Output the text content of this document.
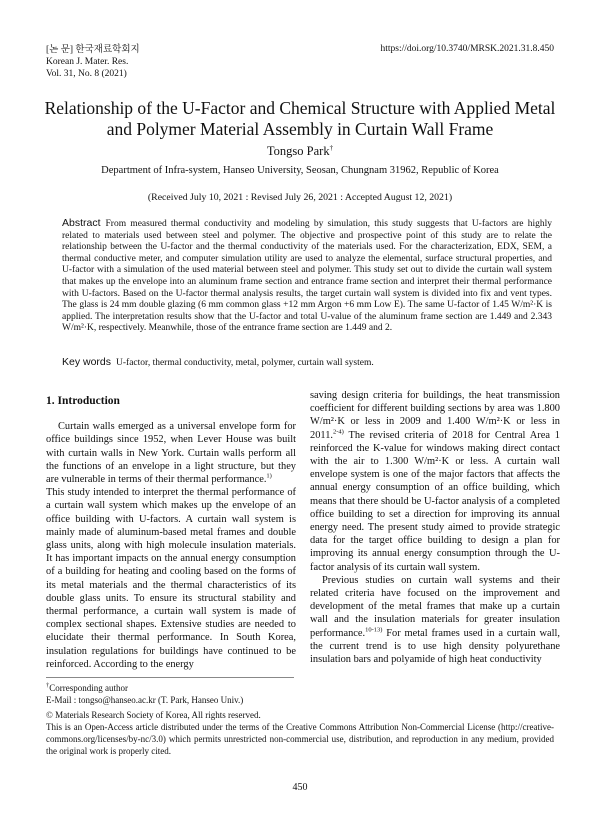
[논 문] 한국재료학회지
Korean J. Mater. Res.
Vol. 31, No. 8 (2021)
https://doi.org/10.3740/MRSK.2021.31.8.450
Relationship of the U-Factor and Chemical Structure with Applied Metal
and Polymer Material Assembly in Curtain Wall Frame
Tongso Park†
Department of Infra-system, Hanseo University, Seosan, Chungnam 31962, Republic of Korea
(Received July 10, 2021 : Revised July 26, 2021 : Accepted August 12, 2021)
Abstract From measured thermal conductivity and modeling by simulation, this study suggests that U-factors are highly related to materials used between steel and polymer. The objective and prospective point of this study are to relate the relationship between the U-factor and the thermal conductivity of the materials used. For the characterization, EDX, SEM, a thermal conductive meter, and computer simulation utility are used to analyze the elemental, surface structural properties, and U-factor with a simulation of the used material between steel and polymer. This study set out to divide the curtain wall system that makes up the envelope into an aluminum frame section and entrance frame section and interpret their thermal performance with U-factors. Based on the U-factor thermal analysis results, the target curtain wall system is divided into fix and vent types. The glass is 24 mm double glazing (6 mm common glass +12 mm Argon +6 mm Low E). The same U-factor of 1.45 W/m²·K is applied. The interpretation results show that the U-factor and total U-value of the aluminum frame section are 1.449 and 2.343 W/m²·K, respectively. Meanwhile, those of the entrance frame section are 1.449 and 2.
Key words U-factor, thermal conductivity, metal, polymer, curtain wall system.
1. Introduction

Curtain walls emerged as a universal envelope form for office buildings since 1952, when Lever House was built with curtain walls in New York. Curtain walls perform all the functions of an envelope in a light structure, but they are vulnerable in terms of their thermal performance.$^{1)}$

This study intended to interpret the thermal performance of a curtain wall system which makes up the envelope of an office building with U-factors. A curtain wall system is mainly made of aluminum-based metal frames and double glass units, along with high molecule insulation materials. It has important impacts on the annual energy consumption of a building for heating and cooling based on the forms of its metal materials and the thermal characteristics of its double glass units. To ensure its structural stability and thermal performance, a curtain wall system is made of complex sectional shapes. Extensive studies are needed to elucidate their thermal performance. In South Korea, insulation regulations for buildings have continued to be reinforced. According to the energy

saving design criteria for buildings, the heat transmission coefficient for different building sections by area was 1.800 W/m²·K or less in 2009 and 1.400 W/m²·K or less in 2011.$^{2-4)}$ The revised criteria of 2018 for Central Area 1 reinforced the K-value for windows making direct contact with the air to 1.300 W/m²·K or less. A curtain wall envelope system is one of the major factors that affects the annual energy consumption of an office building, which means that there should be U-factor analysis of a completed office building to set a direction for improving its annual energy need. The present study aimed to provide strategic data for the target office building to design a plan for improving its annual energy consumption through the U-factor analysis of its curtain wall system.

Previous studies on curtain wall systems and their related criteria have focused on the improvement and development of the metal frames that make up a curtain wall and the insulation materials for greater insulation performance.$^{10-13)}$ For metal frames used in a curtain wall, the current trend is to use high density polyurethane insulation bars and polyamide of high heat conductivity

†Corresponding author
E-Mail : tongso@hanseo.ac.kr (T. Park, Hanseo Univ.)
© Materials Research Society of Korea, All rights reserved.
This is an Open-Access article distributed under the terms of the Creative Commons Attribution Non-Commercial License (http://creative-commons.org/licenses/by-nc/3.0) which permits unrestricted non-commercial use, distribution, and reproduction in any medium, provided the original work is properly cited.
450
